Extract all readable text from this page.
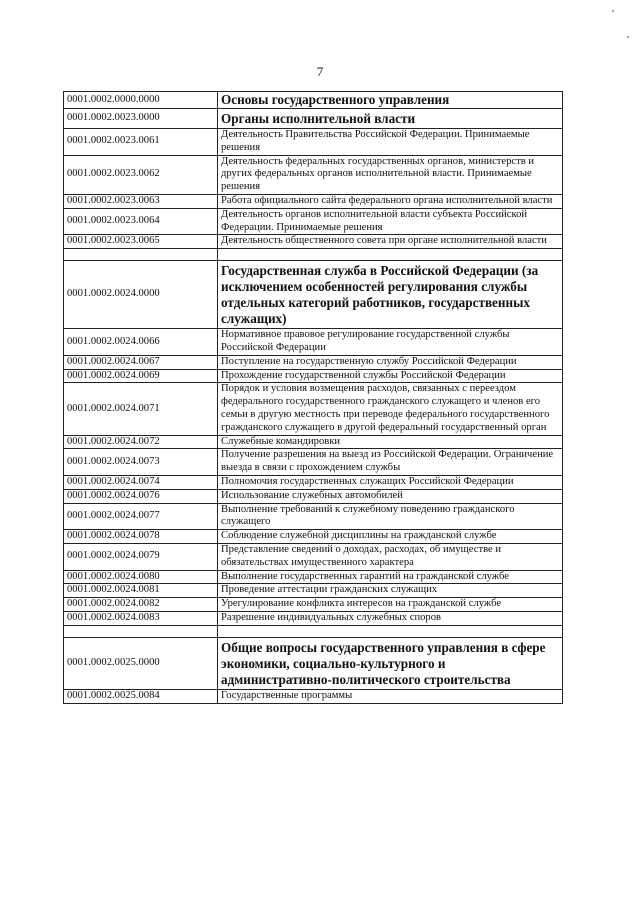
7
0001.0002.0000.0000	Основы государственного управления
0001.0002.0023.0000	Органы исполнительной власти
0001.0002.0023.0061	Деятельность Правительства Российской Федерации. Принимаемые решения
0001.0002.0023.0062	Деятельность федеральных государственных органов, министерств и других федеральных органов исполнительной власти. Принимаемые решения
0001.0002.0023.0063	Работа официального сайта федерального органа исполнительной власти
0001.0002.0023.0064	Деятельность органов исполнительной власти субъекта Российской Федерации. Принимаемые решения
0001.0002.0023.0065	Деятельность общественного совета при органе исполнительной власти

0001.0002.0024.0000	Государственная служба в Российской Федерации (за исключением особенностей регулирования службы отдельных категорий работников, государственных служащих)
0001.0002.0024.0066	Нормативное правовое регулирование государственной службы Российской Федерации
0001.0002.0024.0067	Поступление на государственную службу Российской Федерации
0001.0002.0024.0069	Прохождение государственной службы Российской Федерации
0001.0002.0024.0071	Порядок и условия возмещения расходов, связанных с переездом федерального государственного гражданского служащего и членов его семьи в другую местность при переводе федерального государственного гражданского служащего в другой федеральный государственный орган
0001.0002.0024.0072	Служебные командировки
0001.0002.0024.0073	Получение разрешения на выезд из Российской Федерации. Ограничение выезда в связи с прохождением службы
0001.0002.0024.0074	Полномочия государственных служащих Российской Федерации
0001.0002.0024.0076	Использование служебных автомобилей
0001.0002.0024.0077	Выполнение требований к служебному поведению гражданского служащего
0001.0002.0024.0078	Соблюдение служебной дисциплины на гражданской службе
0001.0002.0024.0079	Представление сведений о доходах, расходах, об имуществе и обязательствах имущественного характера
0001.0002.0024.0080	Выполнение государственных гарантий на гражданской службе
0001.0002.0024.0081	Проведение аттестации гражданских служащих
0001.0002.0024.0082	Урегулирование конфликта интересов на гражданской службе
0001.0002.0024.0083	Разрешение индивидуальных служебных споров

0001.0002.0025.0000	Общие вопросы государственного управления в сфере экономики, социально-культурного и административно-политического строительства
0001.0002.0025.0084	Государственные программы
